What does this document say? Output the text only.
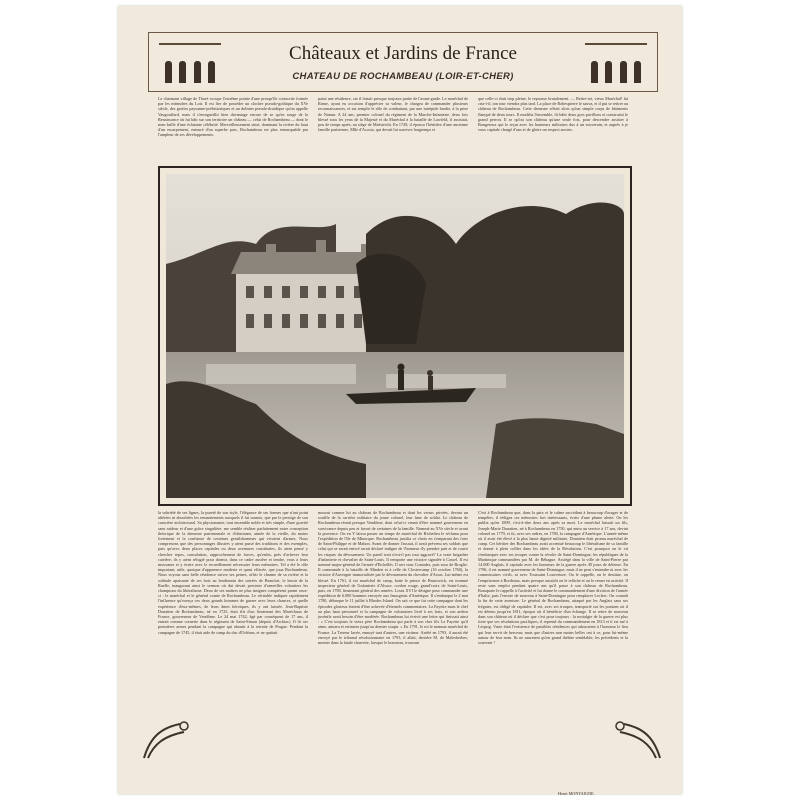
Châteaux et Jardins de France
CHATEAU DE ROCHAMBEAU (LOIR-ET-CHER)
Le charmant village de Thoré occupe l'extrême pointe d'une presqu'île coinscrite formée par les méandres du Loir. Il est fier de posséder un clocher pseudo-gothique du XVe siècle, des grottes paysanne-préhistoriques et un dolmen pseudo-druidique qu'on appelle Vaugouffard, mais il s'enorgueillit bien davantage encore de se qu'en rouge de la Renaissance où fut bâti sur son territoire un château — celui de Rochambeau — dont le nom brille d'une éclatante célébrité. Merveilleusement situé, dominant la rivière du haut d'un escarpement, entouré d'un superbe parc, Rochambeau est plus remarquable par l'ampleur de ses développements,
point une résidence, car il faisait presque toujours partie de l'avant-garde. Le maréchal de Rame, ayant eu occasion d'apprécier sa valeur, le chargea de commander plusieurs reconnaissances, et sut remplir le rôle de combattant, par une intrépide hardie, à la prise de Namur. A 24 ans, premier colonel du régiment de la Marche-Infanterie, deux fois blessé sous les yeux de la Majesté et du Maréchal à la bataille de Lawfeld, il assistait, peu de temps après, au siège de Maëstricht. En 1749, il épousa l'héritière d'une ancienne famille parisienne, Mlle d'Acosta, qui devait lui survivre longtemps et
que celle-ci était trop pleine, le repousse brutalement. — Retire-toi, vieux Maréchal! lui cria-t-il, ton tour viendra plus tard. La place de Robespierre le sauva, et il put se retirer au château de Rochambeau. Cette demeure n'était alors qu'un simple corps de bâtiments flanqué de deux tours. Il modifia l'ensemble, fit bâtir deux gros pavillons et construisit le grand perron. Il se qu'ira son château qu'une seule fois, pour descendre assister à Bongeroux qui le reçut avec les honneurs militaires dus à un souverain, et auprès à je vous capitale chargé d'ans et de gloire un respect ancien.
la sobriété de ses lignes, la pureté de son style, l'élégance de ses formes que n'ont point altérées ni absorbées les remaniements auxquels il fut soumis, que par le prestige de son caractère architectural. Sa physionomie, tout ensemble noble et très simple, d'une gravité sans raideur et d'une grâce singulière, me semble réaliser parfaitement notre conception théorique de la demeure patrimoniale et d'obstinant, aimée de la vieille, du moins fortement et la confiance de certaines gentilshommes qui vivaient d'armes. Nous comprenons que des personnages illustres y aient passé des traditions et des exemples, puis qu'avec deux places capitales ou deux aventures constituées, ils aient pensé y chercher repos, consolation, rapprochement de forces, qu'enfin, près d'achever leur carrière, ils y aient réfugié pour dormir, dans ce cadre austère et tendre, vous à leurs mouvants et y écrire avec le recueillement nécessaire leurs mémoires. Tel a été le rôle important, utile, quoique d'apparence modeste et quasi effacée, que joua Rochambeau. Nous voyons sans belle résidence suivre ses peines, offrir le charme de sa rivière et la solitude apaisante de ses bois au lendemain des soirées de Beaufort, le lenoir de la Ruelle, inaugurant ainsi le sermon où dut devait persister d'ormeilles volontiers les champions du libéralisme. Deux de ses maîtres ne plus insignes comptèrent parmi ceux-ci : le maréchal et le général comte de Rochambeau. Le véritable indiquer rapidement l'influence qu'exerça ces deux grands hommes de guerre avec leurs chances, et quelle expérience d'eux-mêmes, de leurs âmes héroïques, ils y ont laissée. Jean-Baptiste Donatien de Rochambeau, né en 1725, était fils d'un lieutenant des Maréchaux de France, gouverneur de Vendôme. Le 24 mai 1742, âgé par conséquent de 17 ans, il entrait comme cornette dans le régiment de Saint-Simon (depuis d'Archiac). Il fit ses premières armes pendant la campagne qui aboutit à la retraite de Prague. Pendant la campagne de 1745, il était aide de camp du duc d'Orléans, et ne quittait
mourut comme lui au château de Rochambeau et dont les vertus privées, devant un souffle de la carrière militaire du jeune colonel, leur âme de soldat. Le château de Rochambeau réunit presque Vendôme, dont celui-ci venait d'être nommé gouverneur en survivance depuis peu et favori de certaines de la famille. Nommé au XVe siècle et avant la provence. On en Y laissa passer un temps de maréchal de Richelieu le réclama pour l'expédition de l'île de Minorque. Rochambeau justifia ce choix en s'emparant des forts de Saint-Philippe et de Mahon. Avant de donner l'assaut, il avait prévenu ses soldats que celui qui se serait enivré serait déclaré indigne de l'honneur d'y prendre part et de courir les risques du dévouement. Un pareil trait n'est-il pas tout aggravé? La vraie brigadier d'infanterie et chevalier de Saint-Louis. Il remporte une victoire signalée à Cassel. Il est nommé major-général de l'armée d'Eichellés. Il sert sous Contades, puis sous de Broglie. Il commande à la bataille de Minden et à celle de Clostercamp (16 octobre 1760), la victoire d'Auvergne immortalisée par le dévouement du chevalier d'Assas. Lui-même est blessé. En 1761, il est maréchal de camp, batte le prince de Brunswick, est nommé inspecteur général de l'infanterie d'Alsace, cordon rouge, grand'croix de Saint-Louis, puis, en 1780, lieutenant général des armées. Louis XVI le désigne pour commander une expédition de 6.000 hommes envoyée aux Insurgents d'Amérique. Il s'embarque le 2 mai 1780, débarque le 11 juillet à Rhodes Island. On sait ce que fut cette campagne dont les épisodes glorieux étaient d'être achevée d'éternels commentaires. La Fayette mais le chef au plus haut personnel et la campagne de volontaires livré à ses frais, et son ardeur juvénile avait besoin d'être modérée. Rochambeau lui écrivit une lettre qui finissait ainsi : « C'est toujours le vieux père Rochambeau qui parle à son cher fils La Fayette qu'il aime, aimera et estimera jusqu'au dernier soupir. » En 1791, le roi le nomma maréchal de France. La Terreur lavée, ennuyé tant d'autres, une victime. Arrêté en 1793, il aurait été envoyé par le tribunal révolutionnaire en 1793, il allait, derrière M. de Malesherbes, monter dans la fatale charrette, lorsque le bourreau, trouvant
C'est à Rochambeau que, dans la paix et le calme succédant à beaucoup d'orages et de tempêtes, il rédigea ses mémoires fort intéressants, écrits d'une plume alerte. On les publia qu'en 1809, c'est-à-dire deux ans après sa mort. Le maréchal laissait un fils, Joseph-Marie Donatien, né à Rochambeau en 1750, qui entra au service à 17 ans, devint colonel en 1779, et fit, avec ses ordres, en 1780, la campagne d'Amérique. L'année même où il avait été élevé à la plus haute dignité militaire, Donatien était promu maréchal de camp. Cet héritier des Rochambeau avait accentué beaucoup le libéralisme de sa famille et donné à plein collier dans les idées de la Révolution. C'est pourquoi on le vit s'embarquer avec ses troupes contre la révolte de Saint-Domingue, les républiques de la Martinique commandées par M. de Béhague. Assiégé dans la ville de Saint-Pierre par 14.000 Anglais, il capitule avec les honneurs de la guerre après 49 jours de défense. En 1796, il est nommé gouverneur de Saint-Domingue; mais il ne peut s'entendre ni avec les commissaires civils, ni avec Toussaint Louverture. On le rappelle, on le destitue, on l'emprisonne à Bordeaux, mais presque aussitôt on le relâche et on le remet en activité. Il reste sans emploi pendant quatre ans qu'il passe à son château de Rochambeau. Bonaparte le rappelle à l'activité et lui donne le commandement d'une division de l'armée d'Italie, puis l'envoie de nouveau à Saint-Domingue pour remplacer Leclerc. On connaît la fin de cette aventure. Le général de Rochambeau, attaqué par les Anglais sans ses frégates, est obligé de capituler. Il est, avec ses troupes, transporté sur les pontons où il est détenu jusqu'en 1811, époque où il bénéficie d'un échange. Il se retire de nouveau dans son château où il déclare que c'est pour toujours : la nostalgie de la guerre est plus forte que ses résolutions pacifiques, il reprend du commandement en 1813 et il est tué à Leipzig. Vaste était l'existence de paisibles résidences qui adoucirent à l'honneur le lieu qui leur servit de berceau; mais que d'autres non moins belles ont à ce, pour lui-même autour de leur nom. Ils ne sauraient qu'en grand théâtre semblable, les précédents et la souvenir !
Henri MONTAIGNE.
